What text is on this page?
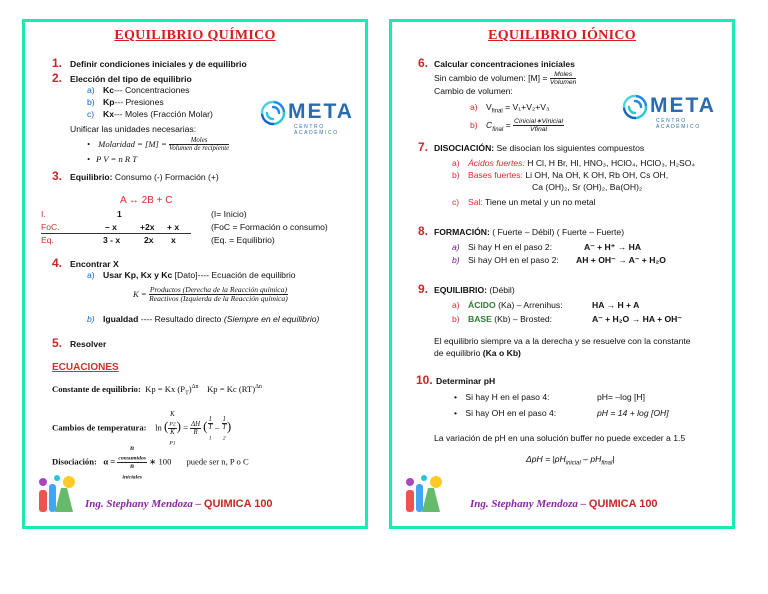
EQUILIBRIO QUÍMICO
1. Definir condiciones iniciales y de equilibrio
2. Elección del tipo de equilibrio
a) Kc--- Concentraciones
b) Kp--- Presiones
c) Kx--- Moles (Fracción Molar)
Unificar las unidades necesarias:
• Molaridad = $[M] = \frac{\text{Moles}}{\text{Volumen de recipiente}}$
• P V = n R T
3. Equilibrio: Consumo (-) Formación (+)
A ↔ 2B + C
I.	1	(I= Inicio)
FoC.	– x	+2x + x	(FoC = Formación o consumo)
Eq.	3 - x	2x x	(Eq. = Equilibrio)
4. Encontrar X
a) Usar Kp, Kx y Kc [Dato]---- Ecuación de equilibrio
$K = \frac{\text{Productos (Derecha de la Reacción química)}}{\text{Reactivos (Izquierda de la Reacción química)}}$
b) Igualdad ---- Resultado directo (Siempre en el equilibrio)
5. Resolver
ECUACIONES
Constante de equilibrio: Kp = Kx $(P_T)^{\Delta n}$ Kp = Kc (RT)$^{\Delta n}$
Cambios de temperatura: ln ( K
$_{P2}$
K
$_{P1}$ ) = $\frac{\Delta H}{R}$ ( 1
T
$_1$ – 1
T
$_2$ )
Disociación: α = n
$_{consumidos}$
n
$_{iniciales}$ ∗ 100 puede ser n, P o C
META
CENTRO ACADÉMICO
Ing. Stephany Mendoza – QUIMICA 100
EQUILIBRIO IÓNICO
6. Calcular concentraciones iniciales
Sin cambio de volumen: $[M] = \frac{\text{Moles}}{\text{Volumen}}$
Cambio de volumen:
a) $V_{final} = V_1+V_2+V_3$
b) $C_{final} = \frac{\text{Cinicial∗Vinicial}}{\text{Vfinal}}$
META
CENTRO ACADÉMICO
7. DISOCIACIÓN: Se disocian los siguientes compuestos
a) Ácidos fuertes: H Cl, H Br, HI, HNO₃, HClO₄, HClO₃, H₂SO₄
b) Bases fuertes: Li OH, Na OH, K OH, Rb OH, Cs OH,
Ca (OH)₂, Sr (OH)₂, Ba(OH)₂
c) Sal: Tiene un metal y un no metal
8. FORMACIÓN: ( Fuerte – Débil) ( Fuerte – Fuerte)
a) Si hay H en el paso 2:	A⁻ + H⁺ → HA
b) Si hay OH en el paso 2: AH + OH⁻ → A⁻ + H₂O
9. EQUILIBRIO: (Débil)
a) ÁCIDO (Ka) – Arrenihus:	HA → H + A
b) BASE (Kb) – Brosted:	A⁻ + H₂O → HA + OH⁻
El equilibrio siempre va a la derecha y se resuelve con la constante
de equilibrio (Ka o Kb)
10. Determinar pH
• Si hay H en el paso 4:	pH= –log [H]
• Si hay OH en el paso 4:	pH = 14 + log [OH]
La variación de pH en una solución buffer no puede exceder a 1.5
$\Delta pH = |pH_{inicial} - pH_{final}|$
Ing. Stephany Mendoza – QUIMICA 100
